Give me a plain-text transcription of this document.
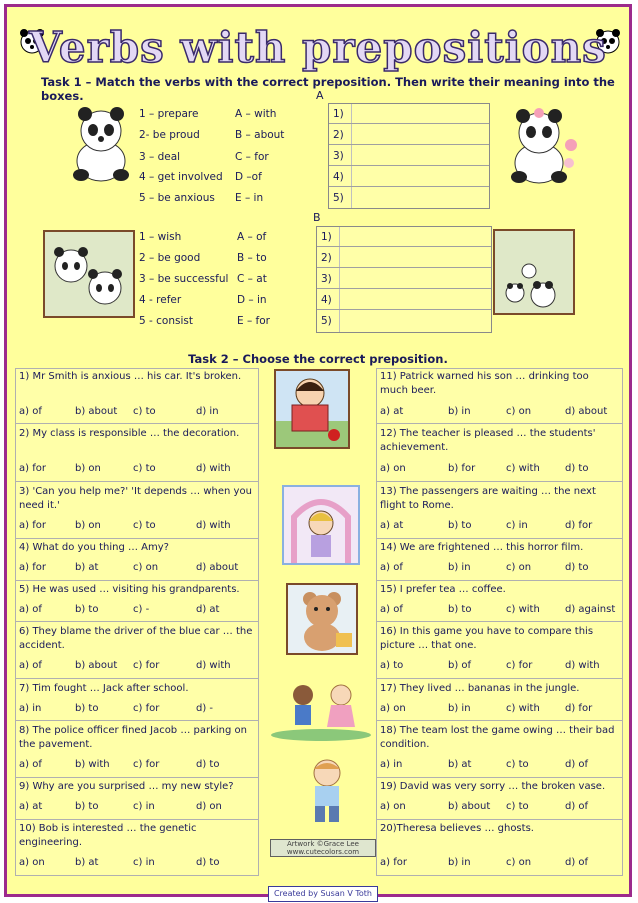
Verbs with prepositions
Task 1 – Match the verbs with the correct preposition. Then write their meaning into the boxes.	A
1 – prepare	A – with
2- be proud	B – about
3 – deal	C – for
4 – get involved D –of
5 – be anxious E – in
1)
2)
3)
4)
5)
B
1 – wish	A – of
2 – be good	B – to
3 – be successful C – at
4 - refer	D – in
5 - consist	E – for
1)
2)
3)
4)
5)
Task 2 – Choose the correct preposition.
1) Mr Smith is anxious … his car. It's broken.
a) of	b) about c) to	d) in
2) My class is responsible … the decoration.
a) for	b) on	c) to	d) with
3) 'Can you help me?' 'It depends … when you need it.'
a) for	b) on	c) to	d) with
4) What do you thing … Amy?
a) for	b) at	c) on	d) about
5) He was used … visiting his grandparents.
a) of	b) to	c) -	d) at
6) They blame the driver of the blue car … the accident.
a) of	b) about c) for	d) with
7) Tim fought … Jack after school.
a) in	b) to	c) for	d) -
8) The police officer fined Jacob … parking on the pavement.
a) of	b) with c) for	d) to
9) Why are you surprised … my new style?
a) at	b) to	c) in	d) on
10) Bob is interested … the genetic engineering.
a) on	b) at	c) in	d) to
11) Patrick warned his son … drinking too much beer.
a) at	b) in	c) on	d) about
12) The teacher is pleased … the students' achievement.
a) on	b) for	c) with	d) to
13) The passengers are waiting … the next flight to Rome.
a) at	b) to	c) in	d) for
14) We are frightened … this horror film.
a) of	b) in	c) on	d) to
15) I prefer tea … coffee.
a) of	b) to	c) with	d) against
16) In this game you have to compare this picture … that one.
a) to	b) of	c) for	d) with
17) They lived … bananas in the jungle.
a) on	b) in	c) with	d) for
18) The team lost the game owing … their bad condition.
a) in	b) at	c) to	d) of
19) David was very sorry … the broken vase.
a) on	b) about c) to	d) of
20)Theresa believes … ghosts.
a) for	b) in	c) on	d) of
Artwork ©Grace Lee www.cutecolors.com
Created by Susan V Toth
